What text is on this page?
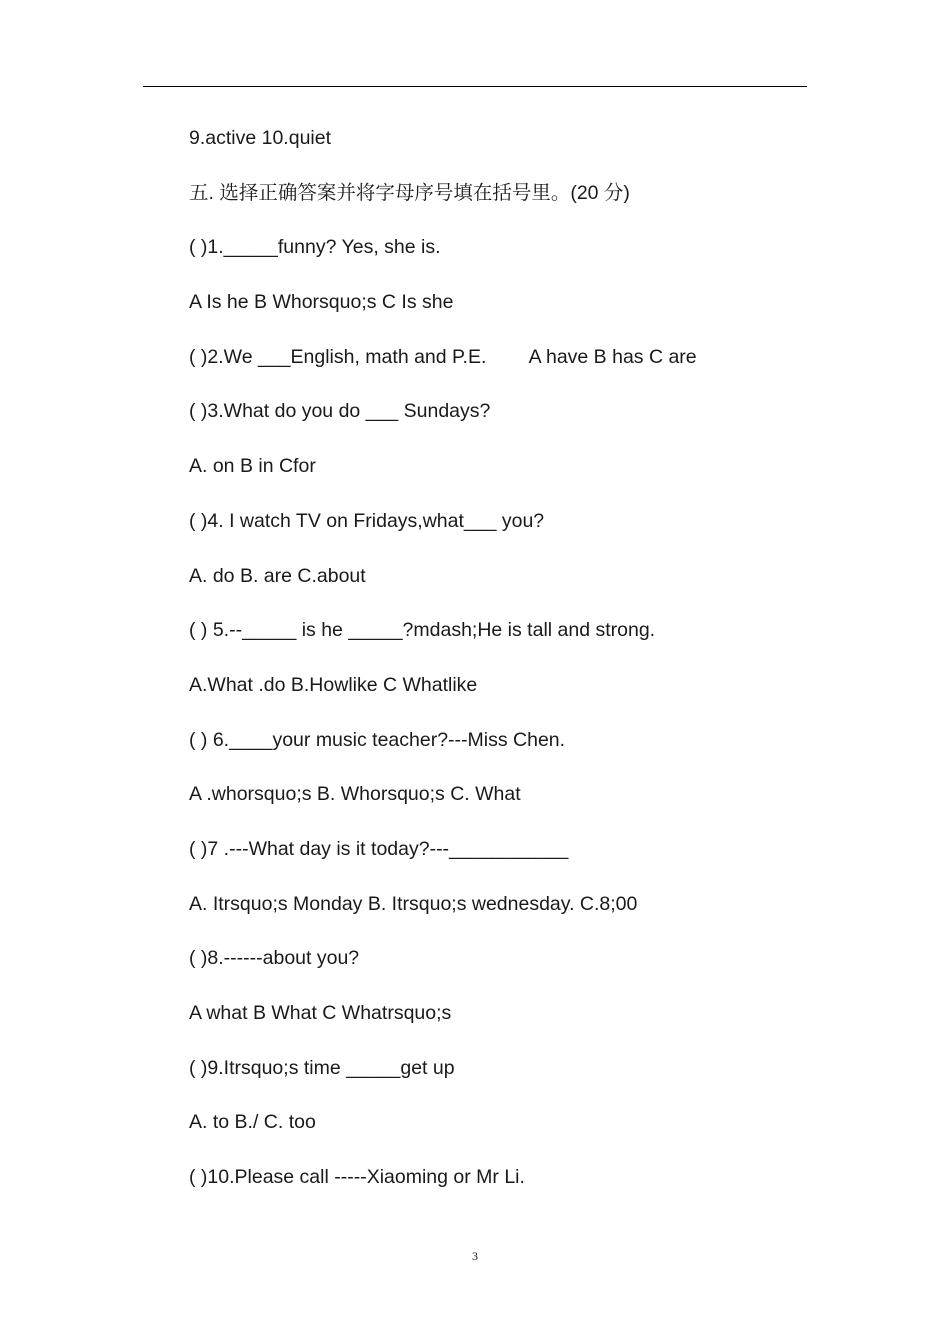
9.active 10.quiet
五. 选择正确答案并将字母序号填在括号里。(20 分)
( )1._____funny? Yes, she is.
A Is he B Whorsquo;s C Is she
( )2.We ___English, math and P.E.        A have B has C are
( )3.What do you do ___ Sundays?
A. on B in Cfor
( )4. I watch TV on Fridays,what___ you?
A. do B. are C.about
( ) 5.--_____ is he _____?mdash;He is tall and strong.
A.What .do B.Howlike C Whatlike
( ) 6.____your music teacher?---Miss Chen.
A .whorsquo;s B. Whorsquo;s C. What
( )7 .---What day is it today?---___________
A. Itrsquo;s Monday B. Itrsquo;s wednesday. C.8;00
( )8.------about you?
A what B What C Whatrsquo;s
( )9.Itrsquo;s time _____get up
A. to B./ C. too
( )10.Please call -----Xiaoming or Mr Li.
3
